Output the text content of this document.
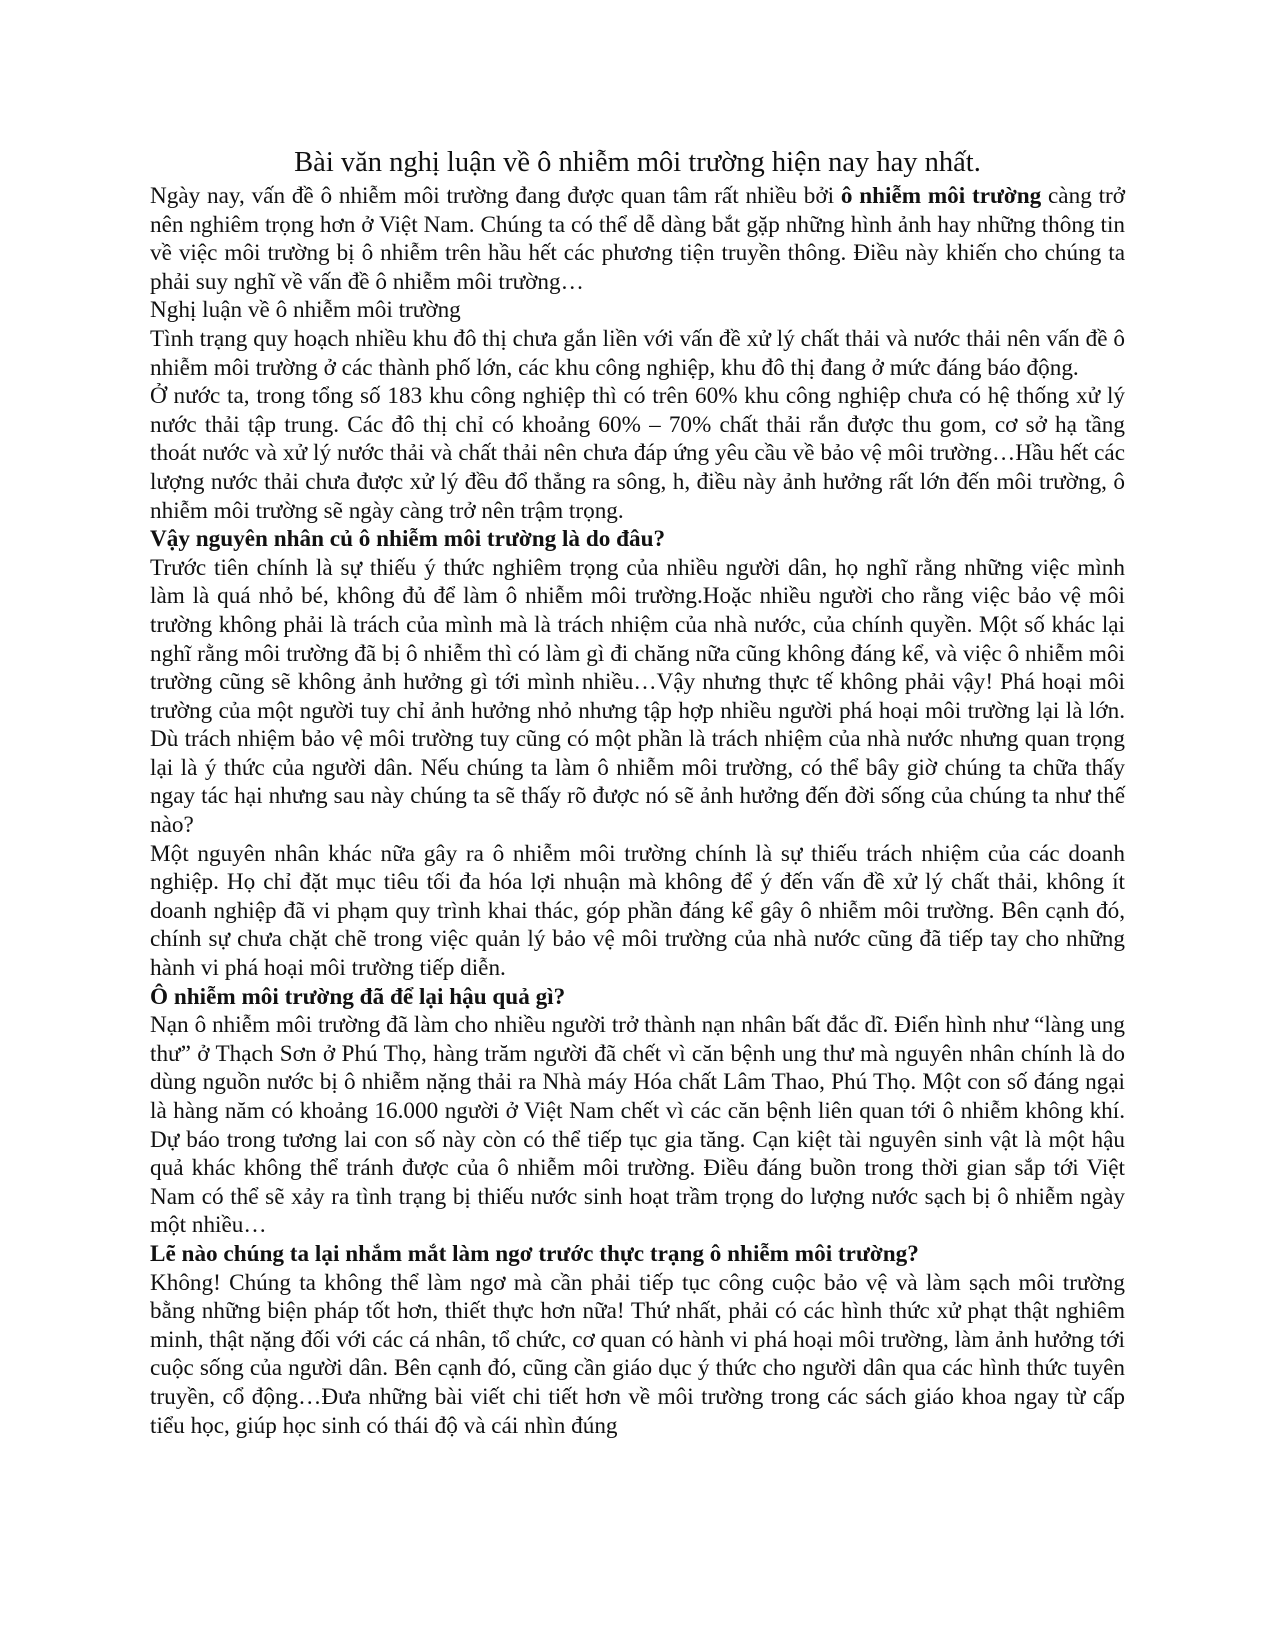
Bài văn nghị luận về ô nhiễm môi trường hiện nay hay nhất.

Ngày nay, vấn đề ô nhiễm môi trường đang được quan tâm rất nhiều bởi ô nhiễm môi trường càng trở nên nghiêm trọng hơn ở Việt Nam. Chúng ta có thể dễ dàng bắt gặp những hình ảnh hay những thông tin về việc môi trường bị ô nhiễm trên hầu hết các phương tiện truyền thông. Điều này khiến cho chúng ta phải suy nghĩ về vấn đề ô nhiễm môi trường…

Nghị luận về ô nhiễm môi trường

Tình trạng quy hoạch nhiều khu đô thị chưa gắn liền với vấn đề xử lý chất thải và nước thải nên vấn đề ô nhiễm môi trường ở các thành phố lớn, các khu công nghiệp, khu đô thị đang ở mức đáng báo động.

Ở nước ta, trong tổng số 183 khu công nghiệp thì có trên 60% khu công nghiệp chưa có hệ thống xử lý nước thải tập trung. Các đô thị chỉ có khoảng 60% – 70% chất thải rắn được thu gom, cơ sở hạ tầng thoát nước và xử lý nước thải và chất thải nên chưa đáp ứng yêu cầu về bảo vệ môi trường…Hầu hết các lượng nước thải chưa được xử lý đều đổ thẳng ra sông, h, điều này ảnh hưởng rất lớn đến môi trường, ô nhiễm môi trường sẽ ngày càng trở nên trậm trọng.

Vậy nguyên nhân củ ô nhiễm môi trường là do đâu?

Trước tiên chính là sự thiếu ý thức nghiêm trọng của nhiều người dân, họ nghĩ rằng những việc mình làm là quá nhỏ bé, không đủ để làm ô nhiễm môi trường.Hoặc nhiều người cho rằng việc bảo vệ môi trường không phải là trách của mình mà là trách nhiệm của nhà nước, của chính quyền. Một số khác lại nghĩ rằng môi trường đã bị ô nhiễm thì có làm gì đi chăng nữa cũng không đáng kể, và việc ô nhiễm môi trường cũng sẽ không ảnh hưởng gì tới mình nhiều…Vậy nhưng thực tế không phải vậy! Phá hoại môi trường của một người tuy chỉ ảnh hưởng nhỏ nhưng tập hợp nhiều người phá hoại môi trường lại là lớn. Dù trách nhiệm bảo vệ môi trường tuy cũng có một phần là trách nhiệm của nhà nước nhưng quan trọng lại là ý thức của người dân. Nếu chúng ta làm ô nhiễm môi trường, có thể bây giờ chúng ta chữa thấy ngay tác hại nhưng sau này chúng ta sẽ thấy rõ được nó sẽ ảnh hưởng đến đời sống của chúng ta như thế nào?

Một nguyên nhân khác nữa gây ra ô nhiễm môi trường chính là sự thiếu trách nhiệm của các doanh nghiệp. Họ chỉ đặt mục tiêu tối đa hóa lợi nhuận mà không để ý đến vấn đề xử lý chất thải, không ít doanh nghiệp đã vi phạm quy trình khai thác, góp phần đáng kể gây ô nhiễm môi trường. Bên cạnh đó, chính sự chưa chặt chẽ trong việc quản lý bảo vệ môi trường của nhà nước cũng đã tiếp tay cho những hành vi phá hoại môi trường tiếp diễn.

Ô nhiễm môi trường đã để lại hậu quả gì?

Nạn ô nhiễm môi trường đã làm cho nhiều người trở thành nạn nhân bất đắc dĩ. Điển hình như “làng ung thư” ở Thạch Sơn ở Phú Thọ, hàng trăm người đã chết vì căn bệnh ung thư mà nguyên nhân chính là do dùng nguồn nước bị ô nhiễm nặng thải ra Nhà máy Hóa chất Lâm Thao, Phú Thọ. Một con số đáng ngại là hàng năm có khoảng 16.000 người ở Việt Nam chết vì các căn bệnh liên quan tới ô nhiễm không khí. Dự báo trong tương lai con số này còn có thể tiếp tục gia tăng. Cạn kiệt tài nguyên sinh vật là một hậu quả khác không thể tránh được của ô nhiễm môi trường. Điều đáng buồn trong thời gian sắp tới Việt Nam có thể sẽ xảy ra tình trạng bị thiếu nước sinh hoạt trầm trọng do lượng nước sạch bị ô nhiễm ngày một nhiều…

Lẽ nào chúng ta lại nhắm mắt làm ngơ trước thực trạng ô nhiễm môi trường?

Không! Chúng ta không thể làm ngơ mà cần phải tiếp tục công cuộc bảo vệ và làm sạch môi trường bằng những biện pháp tốt hơn, thiết thực hơn nữa! Thứ nhất, phải có các hình thức xử phạt thật nghiêm minh, thật nặng đối với các cá nhân, tổ chức, cơ quan có hành vi phá hoại môi trường, làm ảnh hưởng tới cuộc sống của người dân. Bên cạnh đó, cũng cần giáo dục ý thức cho người dân qua các hình thức tuyên truyền, cổ động…Đưa những bài viết chi tiết hơn về môi trường trong các sách giáo khoa ngay từ cấp tiểu học, giúp học sinh có thái độ và cái nhìn đúng
